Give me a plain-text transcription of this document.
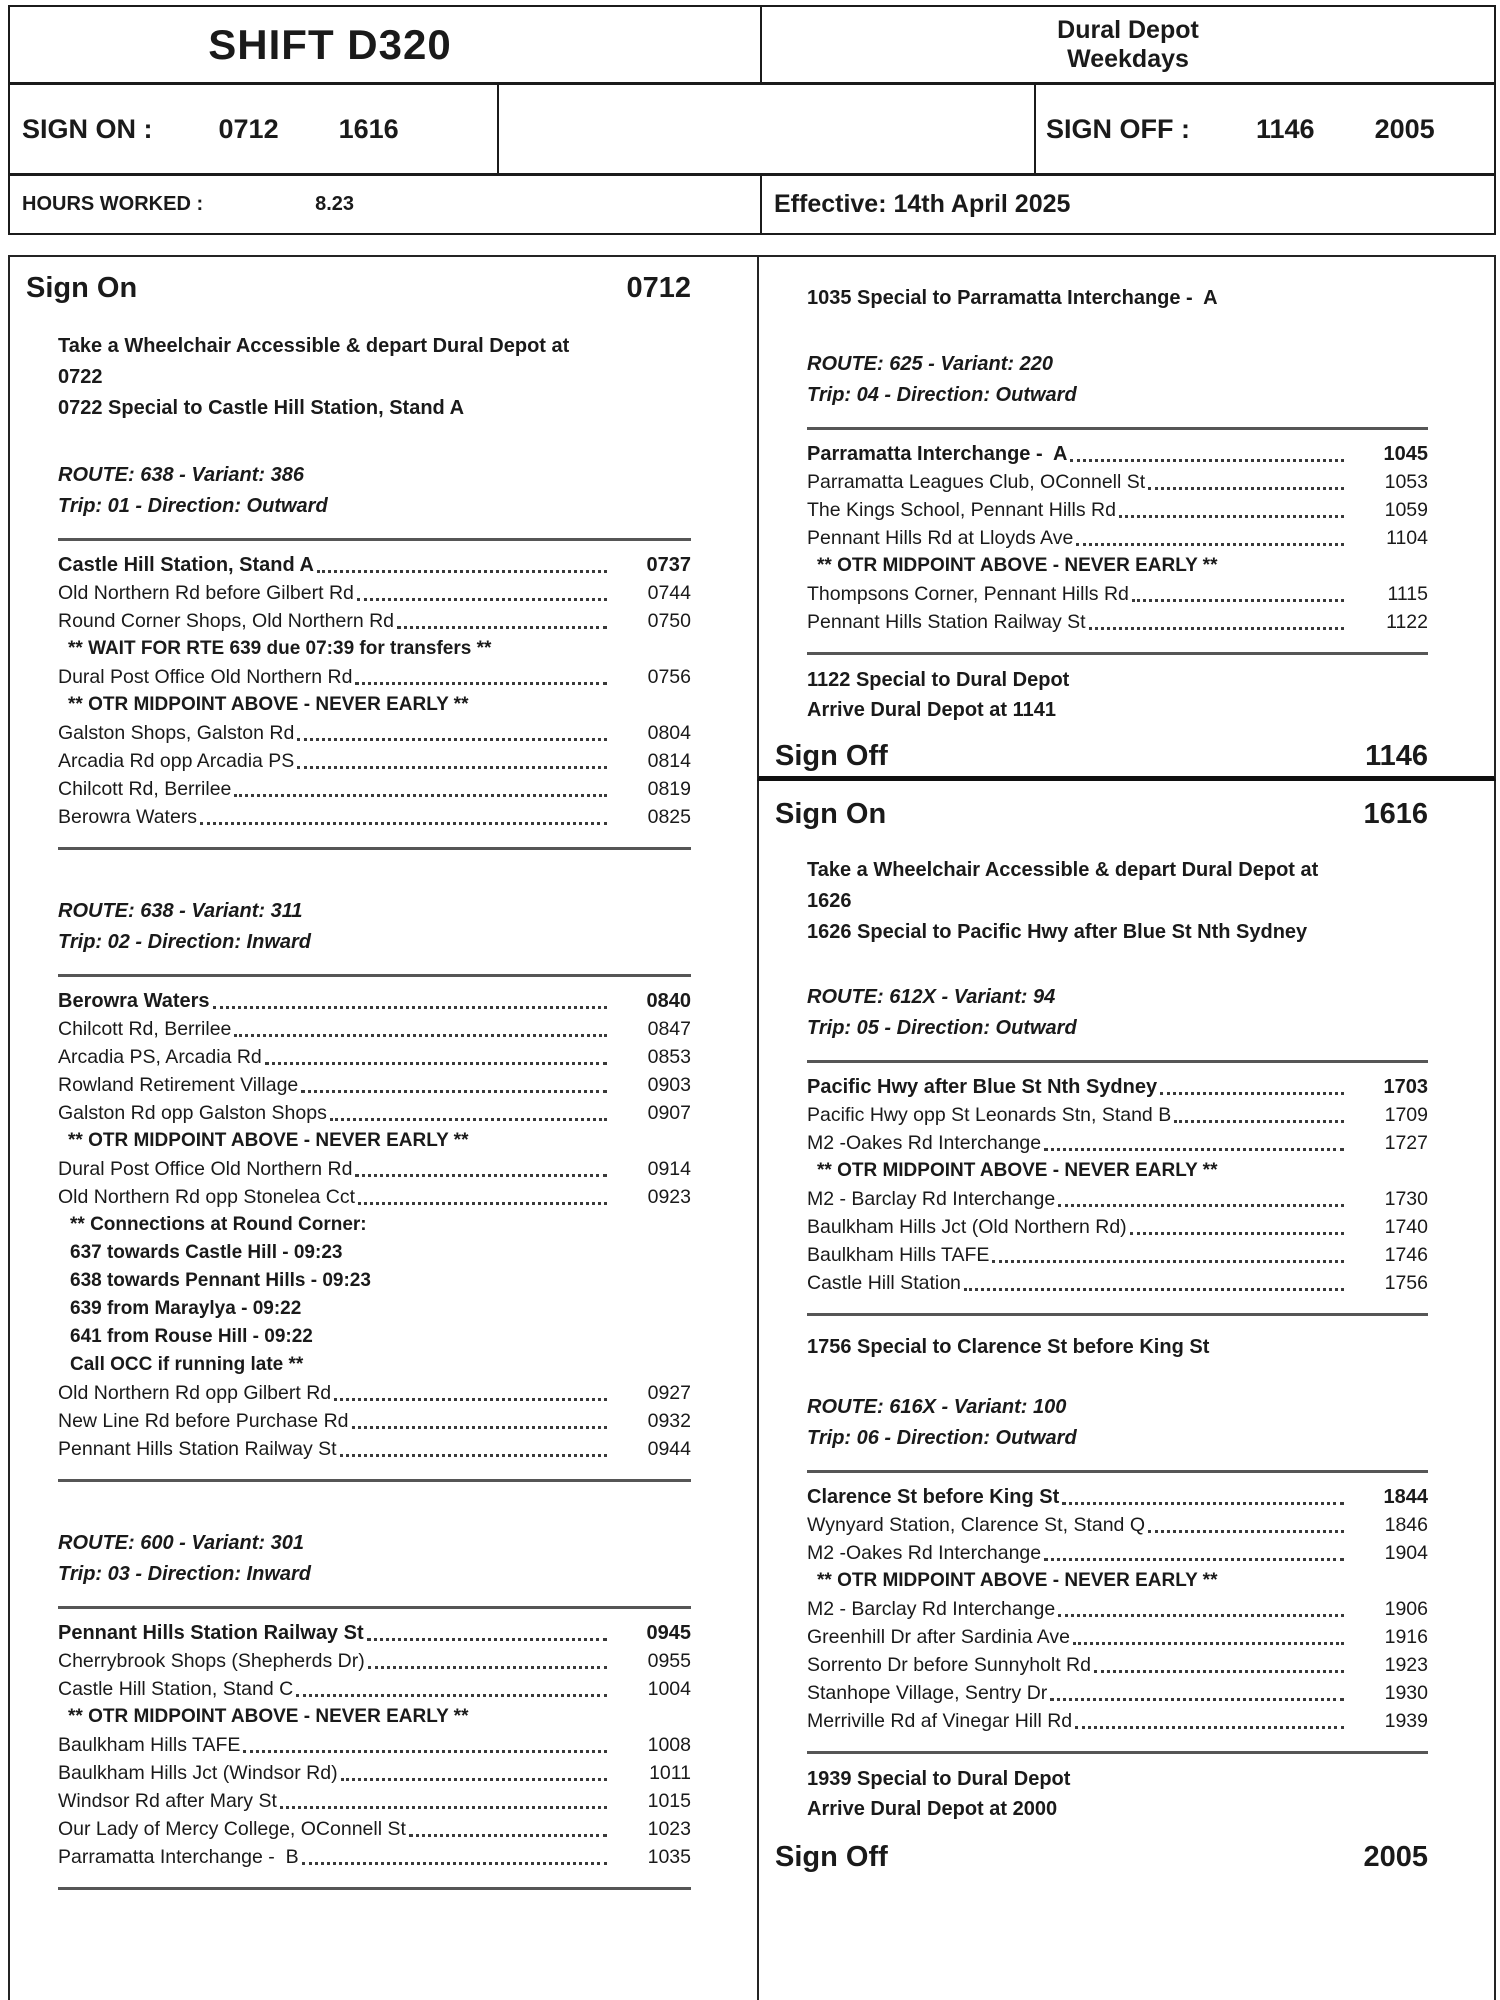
SHIFT D320	Dural Depot
Weekdays
SIGN ON : 0712 1616	SIGN OFF : 1146 2005
HOURS WORKED :	8.23	Effective: 14th April 2025
Sign On	0712
Take a Wheelchair Accessible & depart Dural Depot at
0722
0722 Special to Castle Hill Station, Stand A
ROUTE: 638 - Variant: 386
Trip: 01 - Direction: Outward
Castle Hill Station, Stand A	0737
Old Northern Rd before Gilbert Rd	0744
Round Corner Shops, Old Northern Rd	0750
** WAIT FOR RTE 639 due 07:39 for transfers **
Dural Post Office Old Northern Rd	0756
** OTR MIDPOINT ABOVE - NEVER EARLY **
Galston Shops, Galston Rd	0804
Arcadia Rd opp Arcadia PS	0814
Chilcott Rd, Berrilee	0819
Berowra Waters	0825
ROUTE: 638 - Variant: 311
Trip: 02 - Direction: Inward
Berowra Waters	0840
Chilcott Rd, Berrilee	0847
Arcadia PS, Arcadia Rd	0853
Rowland Retirement Village	0903
Galston Rd opp Galston Shops	0907
** OTR MIDPOINT ABOVE - NEVER EARLY **
Dural Post Office Old Northern Rd	0914
Old Northern Rd opp Stonelea Cct	0923
** Connections at Round Corner:
637 towards Castle Hill - 09:23
638 towards Pennant Hills - 09:23
639 from Maraylya - 09:22
641 from Rouse Hill - 09:22
Call OCC if running late **
Old Northern Rd opp Gilbert Rd	0927
New Line Rd before Purchase Rd	0932
Pennant Hills Station Railway St	0944
ROUTE: 600 - Variant: 301
Trip: 03 - Direction: Inward
Pennant Hills Station Railway St	0945
Cherrybrook Shops (Shepherds Dr)	0955
Castle Hill Station, Stand C	1004
** OTR MIDPOINT ABOVE - NEVER EARLY **
Baulkham Hills TAFE	1008
Baulkham Hills Jct (Windsor Rd)	1011
Windsor Rd after Mary St	1015
Our Lady of Mercy College, OConnell St	1023
Parramatta Interchange -  B	1035
1035 Special to Parramatta Interchange -  A
ROUTE: 625 - Variant: 220
Trip: 04 - Direction: Outward
Parramatta Interchange -  A	1045
Parramatta Leagues Club, OConnell St	1053
The Kings School, Pennant Hills Rd	1059
Pennant Hills Rd at Lloyds Ave	1104
** OTR MIDPOINT ABOVE - NEVER EARLY **
Thompsons Corner, Pennant Hills Rd	1115
Pennant Hills Station Railway St	1122
1122 Special to Dural Depot
Arrive Dural Depot at 1141
Sign Off	1146
Sign On	1616
Take a Wheelchair Accessible & depart Dural Depot at
1626
1626 Special to Pacific Hwy after Blue St Nth Sydney
ROUTE: 612X - Variant: 94
Trip: 05 - Direction: Outward
Pacific Hwy after Blue St Nth Sydney	1703
Pacific Hwy opp St Leonards Stn, Stand B	1709
M2 -Oakes Rd Interchange	1727
** OTR MIDPOINT ABOVE - NEVER EARLY **
M2 - Barclay Rd Interchange	1730
Baulkham Hills Jct (Old Northern Rd)	1740
Baulkham Hills TAFE	1746
Castle Hill Station	1756
1756 Special to Clarence St before King St
ROUTE: 616X - Variant: 100
Trip: 06 - Direction: Outward
Clarence St before King St	1844
Wynyard Station, Clarence St, Stand Q	1846
M2 -Oakes Rd Interchange	1904
** OTR MIDPOINT ABOVE - NEVER EARLY **
M2 - Barclay Rd Interchange	1906
Greenhill Dr after Sardinia Ave	1916
Sorrento Dr before Sunnyholt Rd	1923
Stanhope Village, Sentry Dr	1930
Merriville Rd af Vinegar Hill Rd	1939
1939 Special to Dural Depot
Arrive Dural Depot at 2000
Sign Off	2005
